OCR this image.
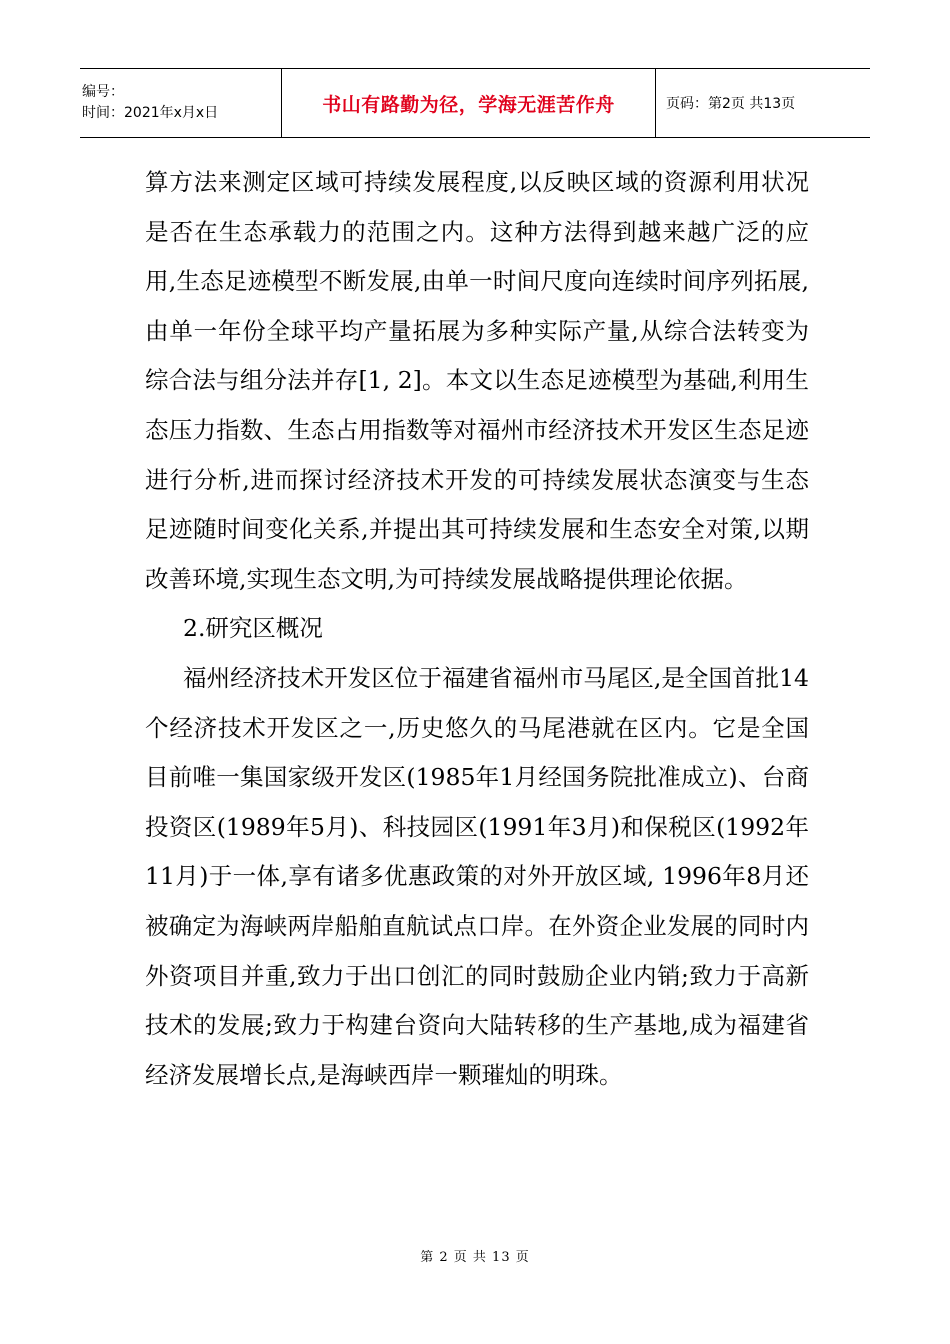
编号：
时间：2021年x月x日	书山有路勤为径，学海无涯苦作舟	页码：第2页 共13页

算方法来测定区域可持续发展程度,以反映区域的资源利用状况是否在生态承载力的范围之内。这种方法得到越来越广泛的应用,生态足迹模型不断发展,由单一时间尺度向连续时间序列拓展,由单一年份全球平均产量拓展为多种实际产量,从综合法转变为综合法与组分法并存[1, 2]。本文以生态足迹模型为基础,利用生态压力指数、生态占用指数等对福州市经济技术开发区生态足迹进行分析,进而探讨经济技术开发的可持续发展状态演变与生态足迹随时间变化关系,并提出其可持续发展和生态安全对策,以期改善环境,实现生态文明,为可持续发展战略提供理论依据。

2.研究区概况

福州经济技术开发区位于福建省福州市马尾区,是全国首批14个经济技术开发区之一,历史悠久的马尾港就在区内。它是全国目前唯一集国家级开发区(1985年1月经国务院批准成立)、台商投资区(1989年5月)、科技园区(1991年3月)和保税区(1992年11月)于一体,享有诸多优惠政策的对外开放区域, 1996年8月还被确定为海峡两岸船舶直航试点口岸。在外资企业发展的同时内外资项目并重,致力于出口创汇的同时鼓励企业内销;致力于高新技术的发展;致力于构建台资向大陆转移的生产基地,成为福建省经济发展增长点,是海峡西岸一颗璀灿的明珠。

第 2 页 共 13 页
